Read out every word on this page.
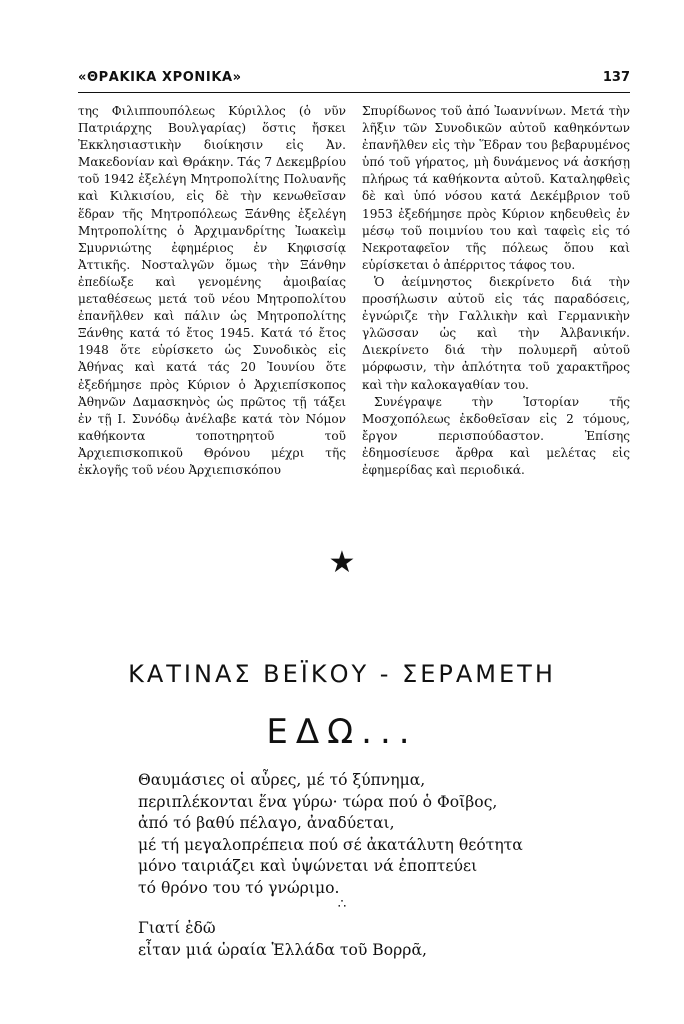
«ΘΡΑΚΙΚΑ ΧΡΟΝΙΚΑ»	137

της Φιλιππουπόλεως Κύριλλος (ὁ νῦν Πατριάρχης Βουλγαρίας) ὅστις ἤσκει Ἐκκλησιαστικὴν διοίκησιν εἰς Ἀν. Μακεδονίαν καὶ Θράκην. Τάς 7 Δεκεμβρίου τοῦ 1942 ἐξελέγη Μητροπολίτης Πολυανῆς καὶ Κιλκισίου, εἰς δὲ τὴν κενωθεῖσαν ἕδραν τῆς Μητροπόλεως Ξάνθης ἐξελέγη Μητροπολίτης ὁ Ἀρχιμανδρίτης Ἰωακεὶμ Σμυρνιώτης ἐφημέριος ἐν Κηφισσίᾳ Ἀττικῆς. Νοσταλγῶν ὅμως τὴν Ξάνθην ἐπεδίωξε καὶ γενομένης ἀμοιβαίας μεταθέσεως μετά τοῦ νέου Μητροπολίτου ἐπανῆλθεν καὶ πάλιν ὡς Μητροπολίτης Ξάνθης κατά τό ἔτος 1945. Κατά τό ἔτος 1948 ὅτε εὑρίσκετο ὡς Συνοδικὸς εἰς Ἀθήνας καὶ κατά τάς 20 Ἰουνίου ὅτε ἐξεδήμησε πρὸς Κύριον ὁ Ἀρχιεπίσκοπος Ἀθηνῶν Δαμασκηνὸς ὡς πρῶτος τῇ τάξει ἐν τῇ Ι. Συνόδῳ ἀνέλαβε κατά τὸν Νόμον καθήκοντα τοποτηρητοῦ τοῦ Ἀρχιεπισκοπικοῦ Θρόνου μέχρι τῆς ἐκλογῆς τοῦ νέου Ἀρχιεπισκόπου

Σπυρίδωνος τοῦ ἀπό Ἰωαννίνων. Μετά τὴν λῆξιν τῶν Συνοδικῶν αὐτοῦ καθηκόντων ἐπανῆλθεν εἰς τὴν Ἕδραν του βεβαρυμένος ὑπό τοῦ γήρατος, μὴ δυνάμενος νά ἀσκήσῃ πλήρως τά καθήκοντα αὐτοῦ. Καταληφθεὶς δὲ καὶ ὑπό νόσου κατά Δεκέμβριον τοῦ 1953 ἐξεδήμησε πρὸς Κύριον κηδευθεὶς ἐν μέσῳ τοῦ ποιμνίου του καὶ ταφεὶς εἰς τό Νεκροταφεῖον τῆς πόλεως ὅπου καὶ εὑρίσκεται ὁ ἀπέρριτος τάφος του.

Ὁ ἀείμνηστος διεκρίνετο διά τὴν προσήλωσιν αὐτοῦ εἰς τάς παραδόσεις, ἐγνώριζε τὴν Γαλλικὴν καὶ Γερμανικὴν γλῶσσαν ὡς καὶ τὴν Ἀλβανικήν. Διεκρίνετο διά τὴν πολυμερῆ αὐτοῦ μόρφωσιν, τὴν ἀπλότητα τοῦ χαρακτῆρος καὶ τὴν καλοκαγαθίαν του.

Συνέγραψε τὴν Ἱστορίαν τῆς Μοσχοπόλεως ἐκδοθεῖσαν εἰς 2 τόμους, ἔργον περισπούδαστον. Ἐπίσης ἐδημοσίευσε ἄρθρα καὶ μελέτας εἰς ἐφημερίδας καὶ περιοδικά.

★
ΚΑΤΙΝΑΣ ΒΕΪΚΟΥ - ΣΕΡΑΜΕΤΗ
ΕΔΩ...
Θαυμάσιες οἱ αὖρες, μέ τό ξύπνημα,
περιπλέκονται ἕνα γύρω· τώρα πού ὁ Φοῖβος,
ἀπό τό βαθύ πέλαγο, ἀναδύεται,
μέ τή μεγαλοπρέπεια πού σέ ἀκατάλυτη θεότητα
μόνο ταιριάζει καὶ ὑψώνεται νά ἐποπτεύει
τό θρόνο του τό γνώριμο.
∴
Γιατί ἐδῶ
εἶταν μιά ὡραία Ἑλλάδα τοῦ Βορρᾶ,
